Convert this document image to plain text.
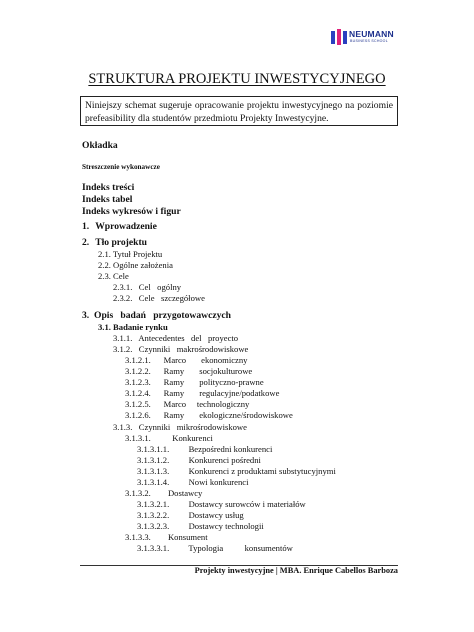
NEUMANN
BUSINESS SCHOOL
STRUKTURA PROJEKTU INWESTYCYJNEGO
Niniejszy schemat sugeruje opracowanie projektu inwestycyjnego na poziomie prefeasibility dla studentów przedmiotu Projekty Inwestycyjne.
Okładka
Streszczenie wykonawcze
Indeks treści
Indeks tabel
Indeks wykresów i figur
1. Wprowadzenie
2. Tło projektu
2.1. Tytuł Projektu
2.2. Ogólne założenia
2.3. Cele
2.3.1. Cel   ogólny
2.3.2. Cele   szczegółowe
3. Opis   badań   przygotowawczych
3.1. Badanie rynku
3.1.1. Antecedentes   del   proyecto
3.1.2. Czynniki   makrośrodowiskowe
3.1.2.1. Marco       ekonomiczny
3.1.2.2. Ramy       socjokulturowe
3.1.2.3. Ramy       polityczno-prawne
3.1.2.4. Ramy       regulacyjne/podatkowe
3.1.2.5. Marco     technologiczny
3.1.2.6. Ramy       ekologiczne/środowiskowe
3.1.3. Czynniki   mikrośrodowiskowe
3.1.3.1. Konkurenci
3.1.3.1.1. Bezpośredni konkurenci
3.1.3.1.2. Konkurenci pośredni
3.1.3.1.3. Konkurenci z produktami substytucyjnymi
3.1.3.1.4. Nowi konkurenci
3.1.3.2. Dostawcy
3.1.3.2.1. Dostawcy surowców i materiałów
3.1.3.2.2. Dostawcy usług
3.1.3.2.3. Dostawcy technologii
Projekty inwestycyjne | MBA. Enrique Cabellos Barboza
3.1.3.3. Konsument
3.1.3.3.1. Typologia          konsumentów
